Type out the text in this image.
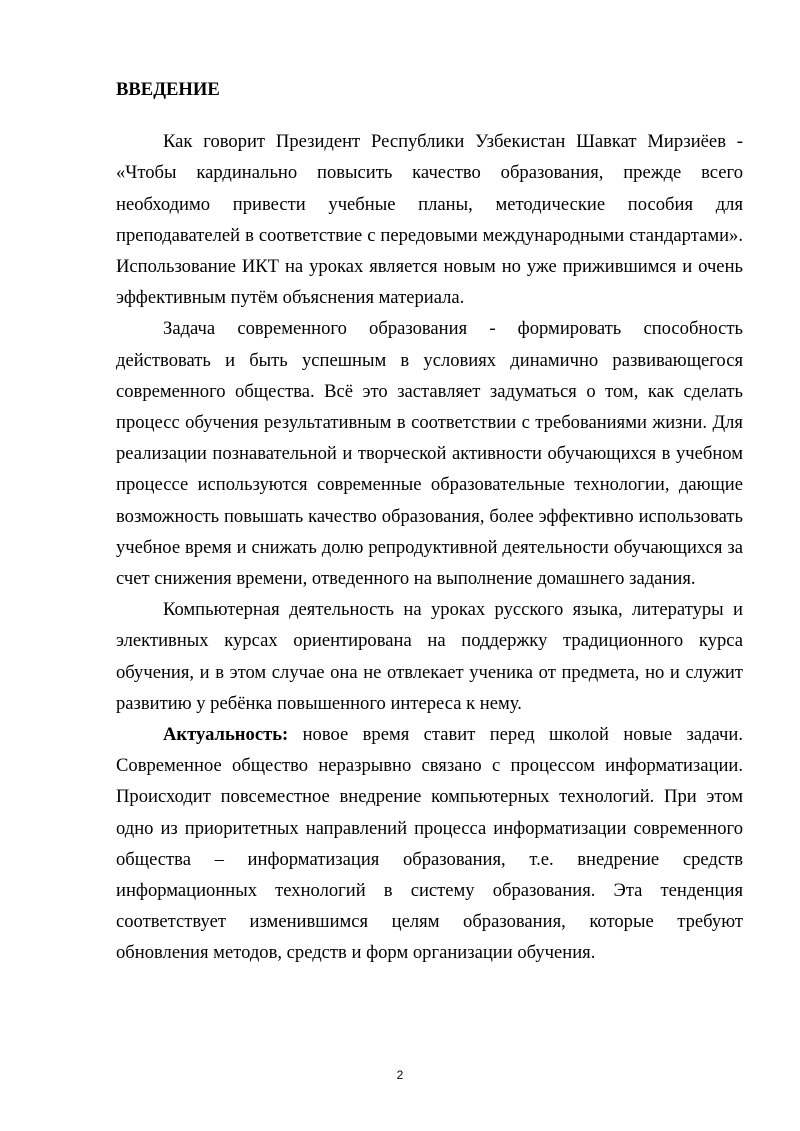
ВВЕДЕНИЕ

Как говорит Президент Республики Узбекистан Шавкат Мирзиёев - «Чтобы кардинально повысить качество образования, прежде всего необходимо привести учебные планы, методические пособия для преподавателей в соответствие с передовыми международными стандартами». Использование ИКТ на уроках является новым но уже прижившимся и очень эффективным путём объяснения материала.

Задача современного образования - формировать способность действовать и быть успешным в условиях динамично развивающегося современного общества. Всё это заставляет задуматься о том, как сделать процесс обучения результативным в соответствии с требованиями жизни. Для реализации познавательной и творческой активности обучающихся в учебном процессе используются современные образовательные технологии, дающие возможность повышать качество образования, более эффективно использовать учебное время и снижать долю репродуктивной деятельности обучающихся за счет снижения времени, отведенного на выполнение домашнего задания.

Компьютерная деятельность на уроках русского языка, литературы и элективных курсах ориентирована на поддержку традиционного курса обучения, и в этом случае она не отвлекает ученика от предмета, но и служит развитию у ребёнка повышенного интереса к нему.

Актуальность: новое время ставит перед школой новые задачи. Современное общество неразрывно связано с процессом информатизации. Происходит повсеместное внедрение компьютерных технологий. При этом одно из приоритетных направлений процесса информатизации современного общества – информатизация образования, т.е. внедрение средств информационных технологий в систему образования. Эта тенденция соответствует изменившимся целям образования, которые требуют обновления методов, средств и форм организации обучения.

2
